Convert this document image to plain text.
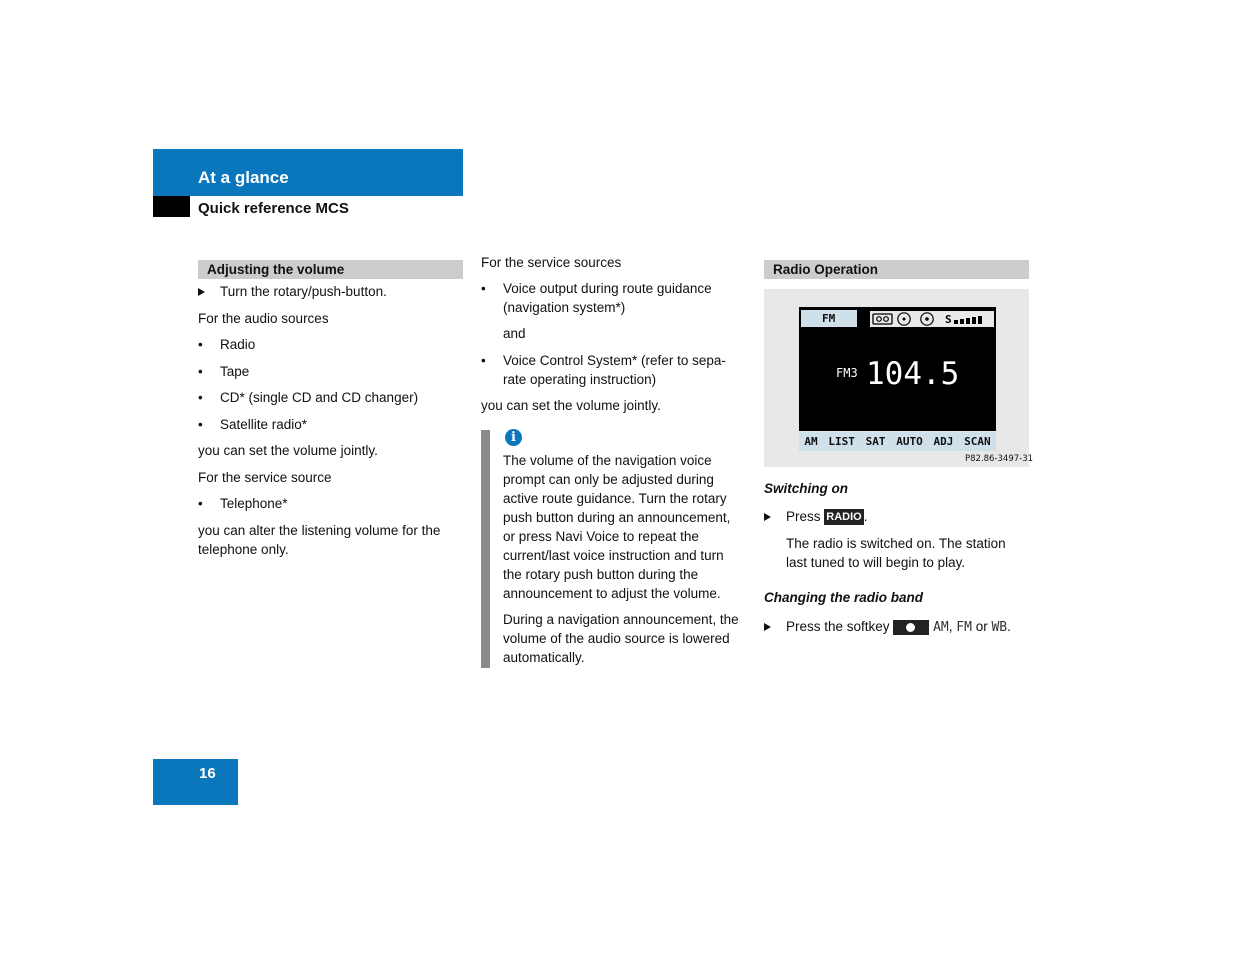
At a glance
Quick reference MCS
Adjusting the volume
Turn the rotary/push-button.
For the audio sources
• Radio
• Tape
• CD* (single CD and CD changer)
• Satellite radio*
you can set the volume jointly.
For the service source
• Telephone*
you can alter the listening volume for the
telephone only.
For the service sources
• Voice output during route guidance
(navigation system*)
and
• Voice Control System* (refer to sepa-
rate operating instruction)
you can set the volume jointly.
i
The volume of the navigation voice
prompt can only be adjusted during
active route guidance. Turn the rotary
push button during an announcement,
or press Navi Voice to repeat the
current/last voice instruction and turn
the rotary push button during the
announcement to adjust the volume.
During a navigation announcement, the
volume of the audio source is lowered
automatically.
Radio Operation
FM	S
FM3 104.5
AM LIST SAT AUTO ADJ SCAN
P82.86-3497-31
Switching on
Press RADIO .
The radio is switched on. The station
last tuned to will begin to play.
Changing the radio band
Press the softkey	AM, FM or WB.
16
